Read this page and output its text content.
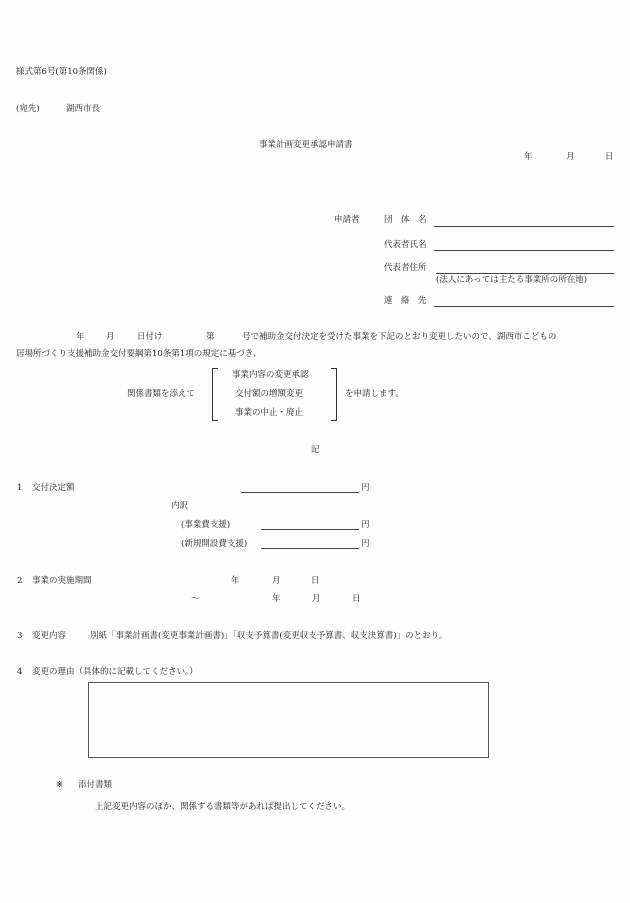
様式第6号(第10条関係)
(宛先)	湖西市長
事業計画変更承認申請書
年	月	日
申請者	団　体　名
代表者氏名
代表者住所
(法人にあっては主たる事業所の所在地)
連　絡　先
年	月	日付け	第	号で補助金交付決定を受けた事業を下記のとおり変更したいので、湖西市こどもの
居場所づくり支援補助金交付要綱第10条第1項の規定に基づき、
関係書類を添えて
事業内容の変更承認
交付額の増額変更
事業の中止・廃止
を申請します。
記
1 交付決定額	円
内訳
(事業費支援)	円
(新規開設費支援)	円
2 事業の実施期間	年	月	日
〜	年	月	日
3 変更内容	別紙「事業計画書(変更事業計画書)」「収支予算書(変更収支予算書、収支決算書)」のとおり。
4 変更の理由（具体的に記載してください。）
※ 添付書類
上記変更内容のほか、関係する書類等があれば提出してください。
